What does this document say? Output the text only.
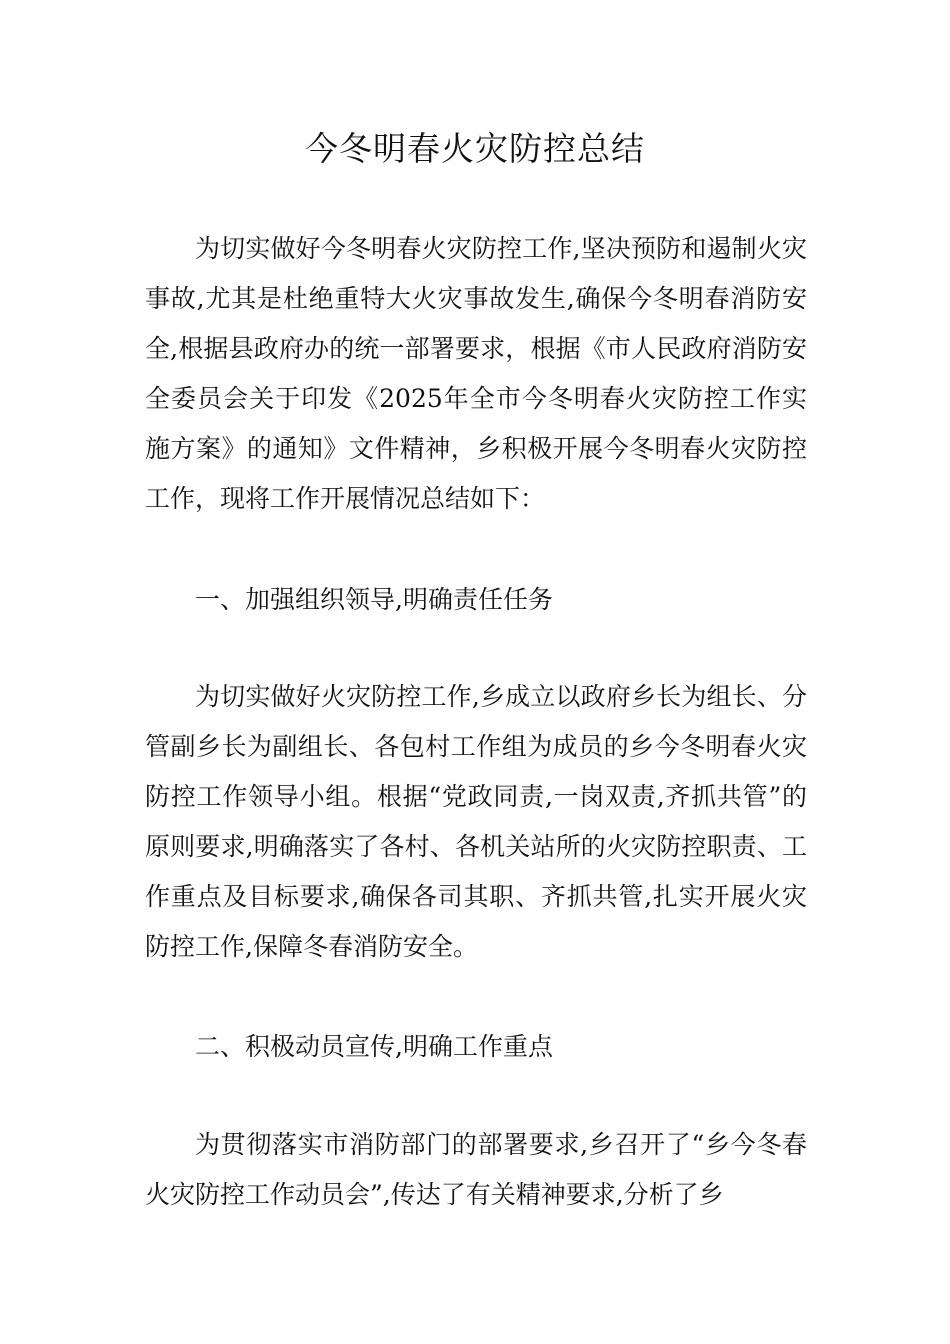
今冬明春火灾防控总结

为切实做好今冬明春火灾防控工作,坚决预防和遏制火灾事故,尤其是杜绝重特大火灾事故发生,确保今冬明春消防安全,根据县政府办的统一部署要求，根据《市人民政府消防安全委员会关于印发《2025年全市今冬明春火灾防控工作实施方案》的通知》文件精神，乡积极开展今冬明春火灾防控工作，现将工作开展情况总结如下：

一、加强组织领导,明确责任任务

为切实做好火灾防控工作,乡成立以政府乡长为组长、分管副乡长为副组长、各包村工作组为成员的乡今冬明春火灾防控工作领导小组。根据“党政同责,一岗双责,齐抓共管”的原则要求,明确落实了各村、各机关站所的火灾防控职责、工作重点及目标要求,确保各司其职、齐抓共管,扎实开展火灾防控工作,保障冬春消防安全。

二、积极动员宣传,明确工作重点

为贯彻落实市消防部门的部署要求,乡召开了“乡今冬春火灾防控工作动员会”,传达了有关精神要求,分析了乡
